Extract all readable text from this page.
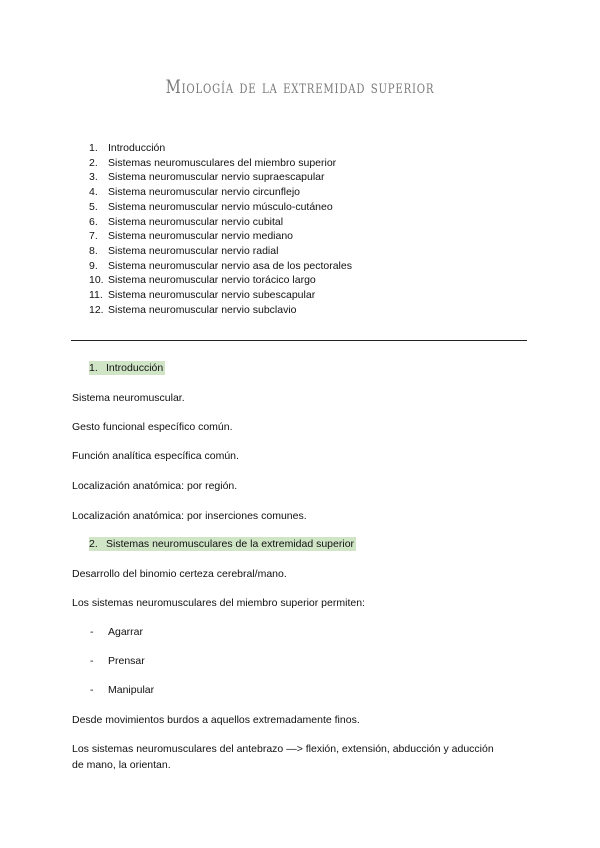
Miología de la extremidad superior
1. Introducción
2. Sistemas neuromusculares del miembro superior
3. Sistema neuromuscular nervio supraescapular
4. Sistema neuromuscular nervio circunflejo
5. Sistema neuromuscular nervio músculo-cutáneo
6. Sistema neuromuscular nervio cubital
7. Sistema neuromuscular nervio mediano
8. Sistema neuromuscular nervio radial
9. Sistema neuromuscular nervio asa de los pectorales
10. Sistema neuromuscular nervio torácico largo
11. Sistema neuromuscular nervio subescapular
12. Sistema neuromuscular nervio subclavio
1. Introducción
Sistema neuromuscular.
Gesto funcional específico común.
Función analítica específica común.
Localización anatómica: por región.
Localización anatómica: por inserciones comunes.
2. Sistemas neuromusculares de la extremidad superior
Desarrollo del binomio certeza cerebral/mano.
Los sistemas neuromusculares del miembro superior permiten:
- Agarrar
- Prensar
- Manipular
Desde movimientos burdos a aquellos extremadamente finos.
Los sistemas neuromusculares del antebrazo —> flexión, extensión, abducción y aducción
de mano, la orientan.
